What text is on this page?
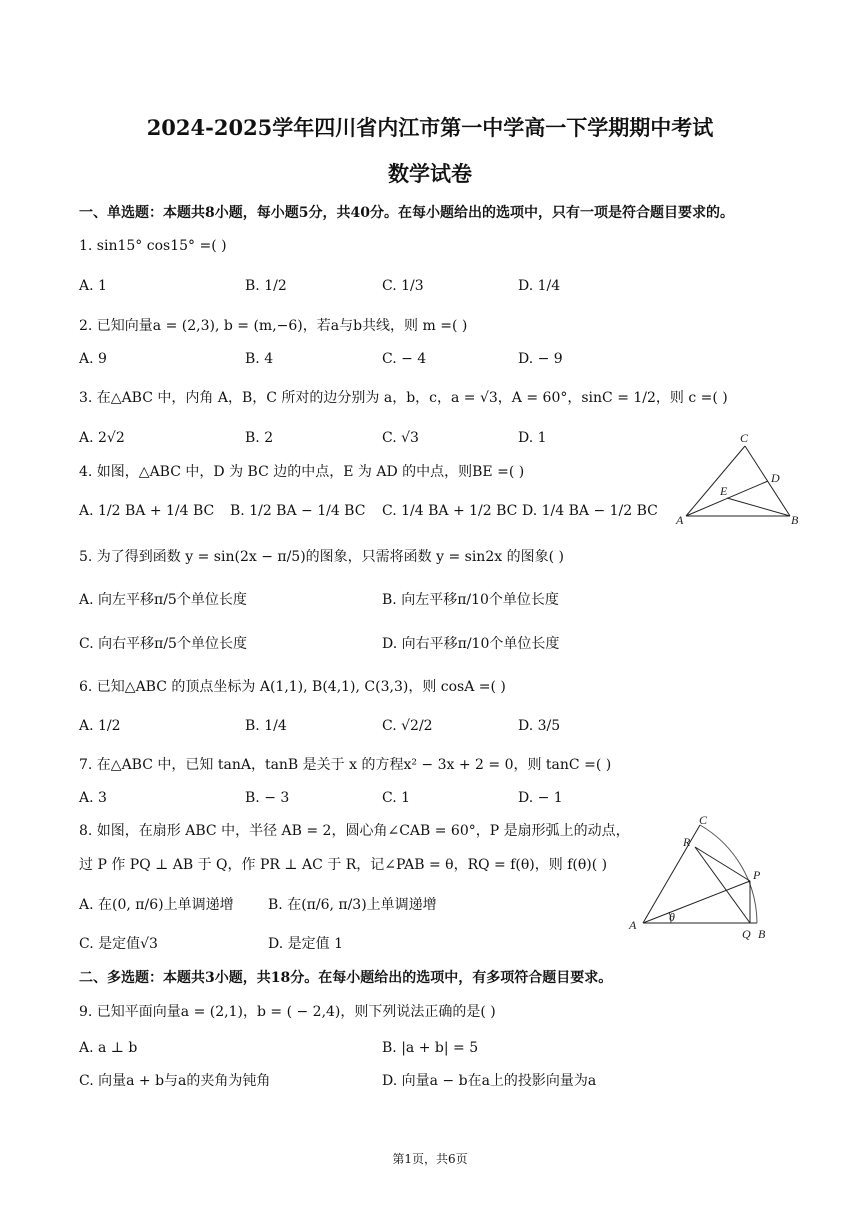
2024-2025学年四川省内江市第一中学高一下学期期中考试
数学试卷
一、单选题：本题共8小题，每小题5分，共40分。在每小题给出的选项中，只有一项是符合题目要求的。
1. sin15° cos15° =( )
A. 1	B. 1/2	C. 1/3	D. 1/4
2. 已知向量a = (2,3), b = (m,−6)，若a与b共线，则 m =( )
A. 9	B. 4	C. − 4	D. − 9
3. 在△ABC 中，内角 A，B，C 所对的边分别为 a，b，c，a = √3，A = 60°，sinC = 1/2，则 c =( )
A. 2√2	B. 2	C. √3	D. 1
4. 如图，△ABC 中，D 为 BC 边的中点，E 为 AD 的中点，则BE =( )
A. 1/2 BA + 1/4 BC B. 1/2 BA − 1/4 BC C. 1/4 BA + 1/2 BC D. 1/4 BA − 1/2 BC
C
D
E
A	B
5. 为了得到函数 y = sin(2x − π/5)的图象，只需将函数 y = sin2x 的图象( )
A. 向左平移π/5个单位长度	B. 向左平移π/10个单位长度
C. 向右平移π/5个单位长度	D. 向右平移π/10个单位长度
6. 已知△ABC 的顶点坐标为 A(1,1), B(4,1), C(3,3)，则 cosA =( )
A. 1/2	B. 1/4	C. √2/2	D. 3/5
7. 在△ABC 中，已知 tanA，tanB 是关于 x 的方程x² − 3x + 2 = 0，则 tanC =( )
A. 3	B. − 3	C. 1	D. − 1
8. 如图，在扇形 ABC 中，半径 AB = 2，圆心角∠CAB = 60°，P 是扇形弧上的动点，
过 P 作 PQ ⊥ AB 于 Q，作 PR ⊥ AC 于 R，记∠PAB = θ，RQ = f(θ)，则 f(θ)( )
A. 在(0, π/6)上单调递增 B. 在(π/6, π/3)上单调递增
C. 是定值√3	D. 是定值 1
C
R
P
θ
A
Q B
二、多选题：本题共3小题，共18分。在每小题给出的选项中，有多项符合题目要求。
9. 已知平面向量a = (2,1)，b = ( − 2,4)，则下列说法正确的是( )
A. a ⊥ b	B. |a + b| = 5
C. 向量a + b与a的夹角为钝角	D. 向量a − b在a上的投影向量为a
第1页，共6页
